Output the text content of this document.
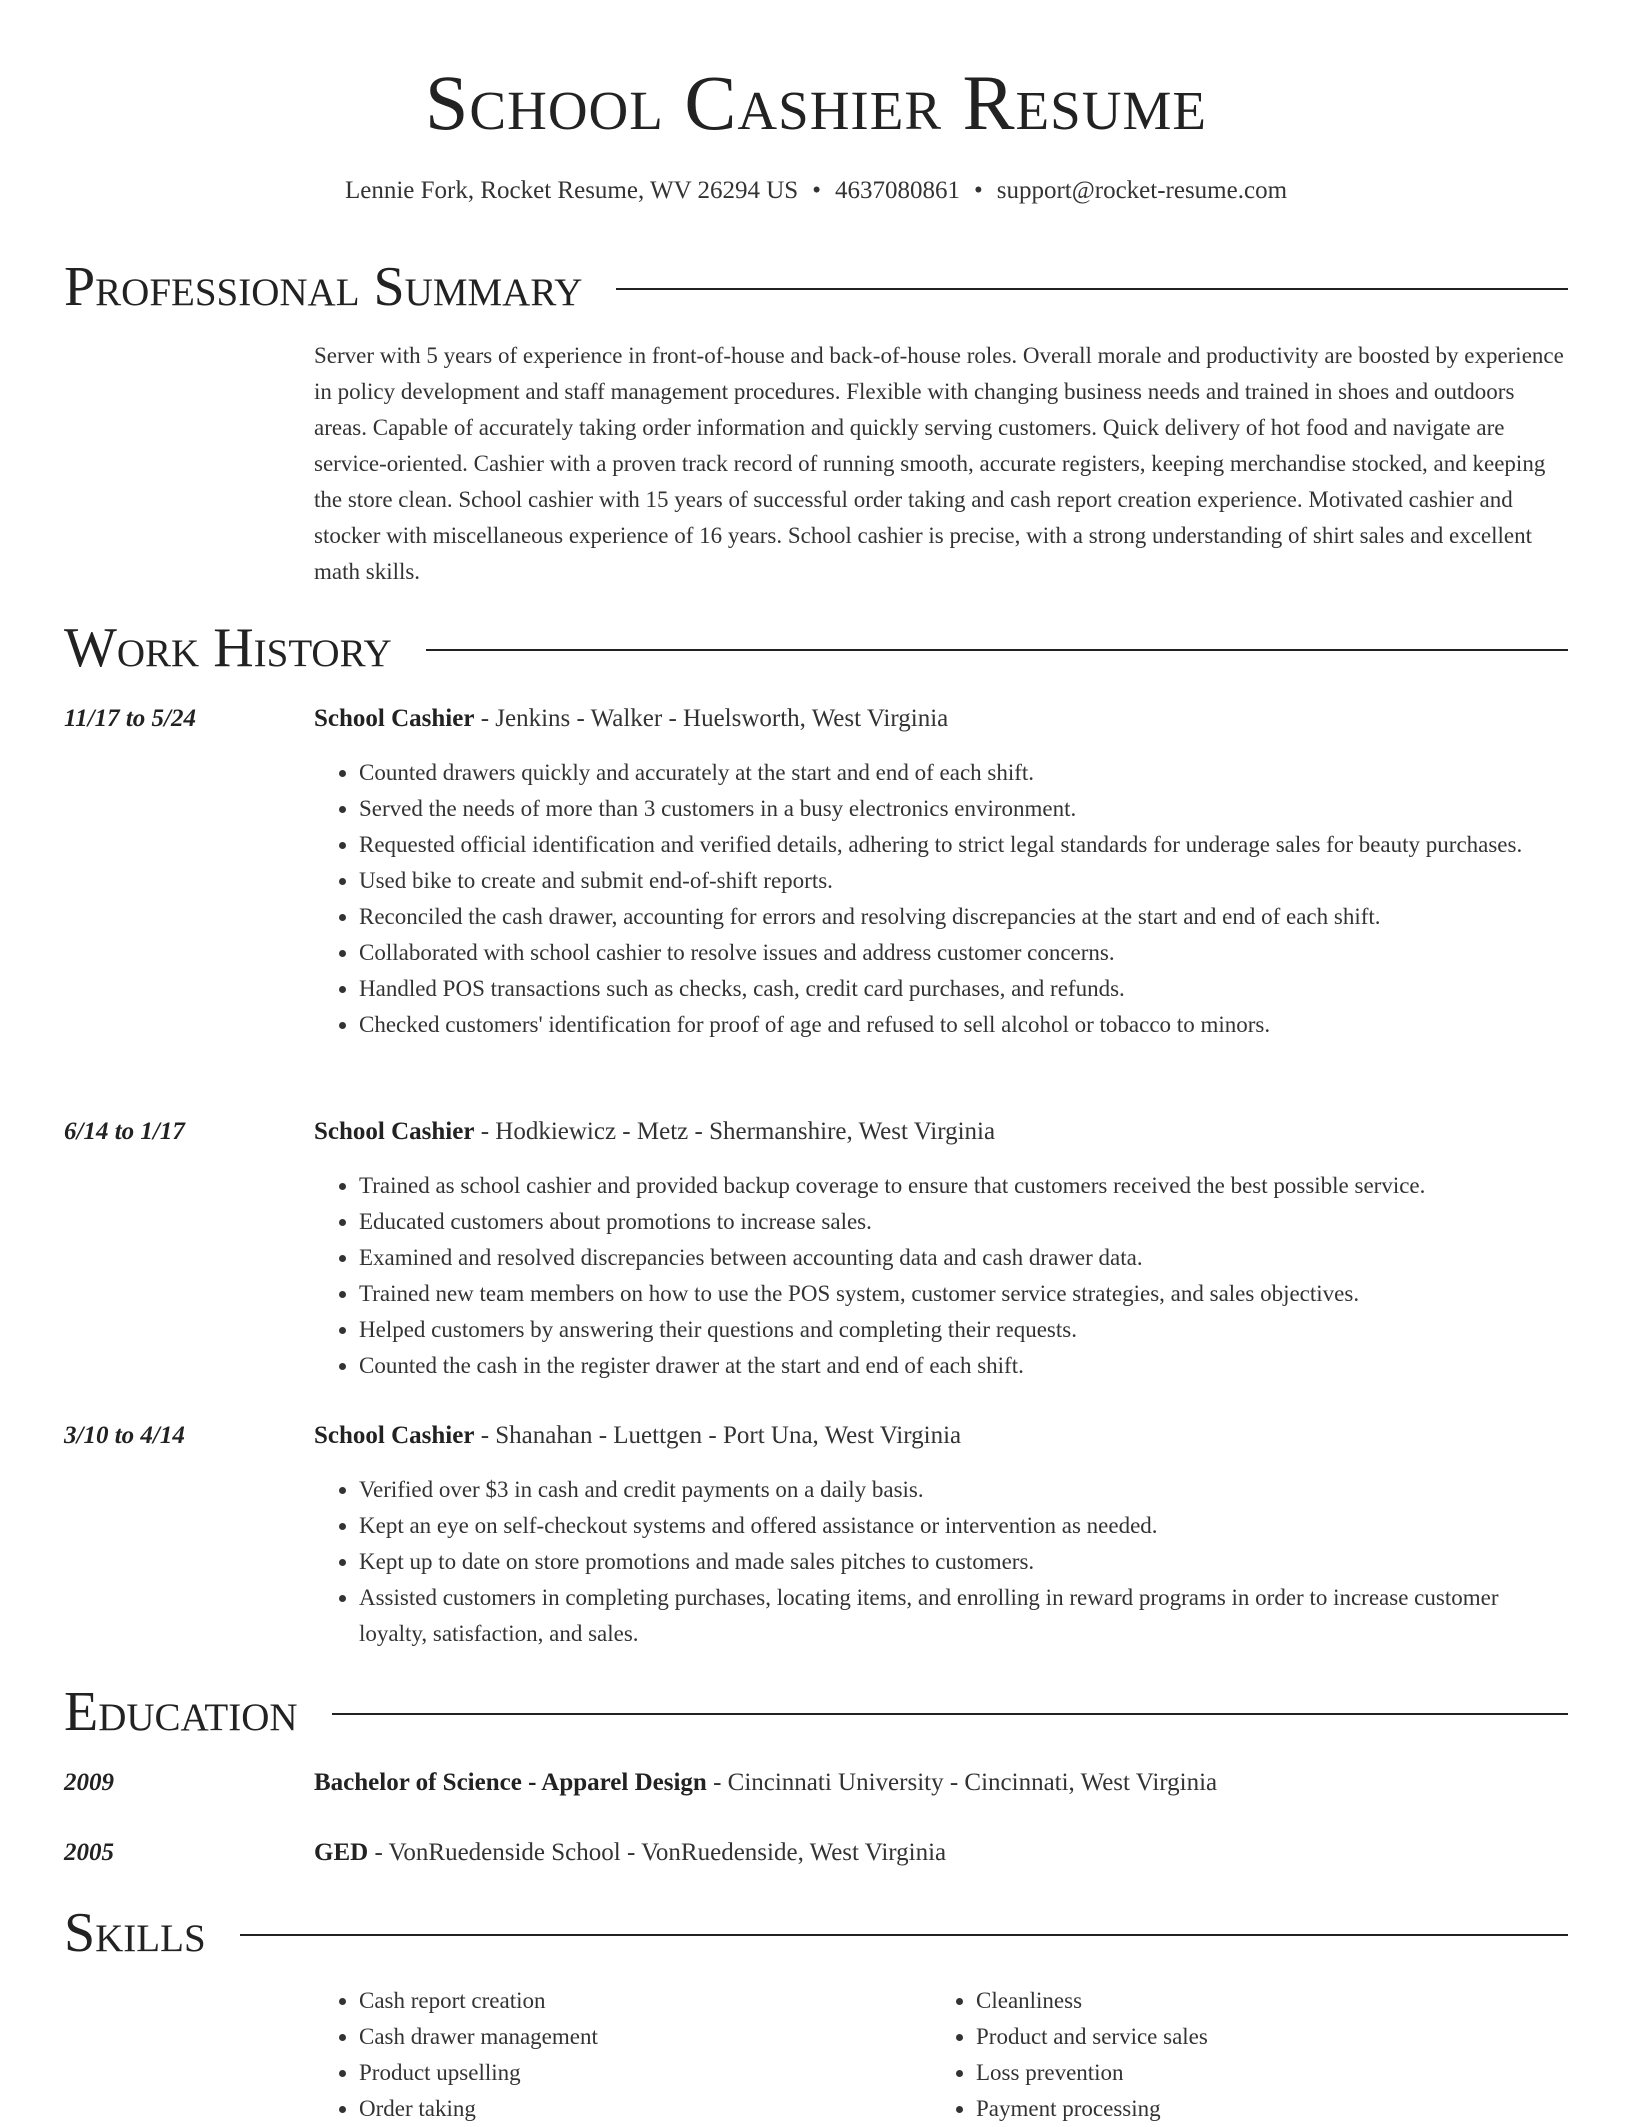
School Cashier Resume
Lennie Fork, Rocket Resume, WV 26294 US • 4637080861 • support@rocket-resume.com
Professional Summary
Server with 5 years of experience in front-of-house and back-of-house roles. Overall morale and productivity are boosted by experience in policy development and staff management procedures. Flexible with changing business needs and trained in shoes and outdoors areas. Capable of accurately taking order information and quickly serving customers. Quick delivery of hot food and navigate are service-oriented. Cashier with a proven track record of running smooth, accurate registers, keeping merchandise stocked, and keeping the store clean. School cashier with 15 years of successful order taking and cash report creation experience. Motivated cashier and stocker with miscellaneous experience of 16 years. School cashier is precise, with a strong understanding of shirt sales and excellent math skills.
Work History
11/17 to 5/24	School Cashier - Jenkins - Walker - Huelsworth, West Virginia
• Counted drawers quickly and accurately at the start and end of each shift.
• Served the needs of more than 3 customers in a busy electronics environment.
• Requested official identification and verified details, adhering to strict legal standards for underage sales for beauty purchases.
• Used bike to create and submit end-of-shift reports.
• Reconciled the cash drawer, accounting for errors and resolving discrepancies at the start and end of each shift.
• Collaborated with school cashier to resolve issues and address customer concerns.
• Handled POS transactions such as checks, cash, credit card purchases, and refunds.
• Checked customers' identification for proof of age and refused to sell alcohol or tobacco to minors.
6/14 to 1/17	School Cashier - Hodkiewicz - Metz - Shermanshire, West Virginia
• Trained as school cashier and provided backup coverage to ensure that customers received the best possible service.
• Educated customers about promotions to increase sales.
• Examined and resolved discrepancies between accounting data and cash drawer data.
• Trained new team members on how to use the POS system, customer service strategies, and sales objectives.
• Helped customers by answering their questions and completing their requests.
• Counted the cash in the register drawer at the start and end of each shift.
3/10 to 4/14	School Cashier - Shanahan - Luettgen - Port Una, West Virginia
• Verified over $3 in cash and credit payments on a daily basis.
• Kept an eye on self-checkout systems and offered assistance or intervention as needed.
• Kept up to date on store promotions and made sales pitches to customers.
• Assisted customers in completing purchases, locating items, and enrolling in reward programs in order to increase customer loyalty, satisfaction, and sales.
Education
2009	Bachelor of Science - Apparel Design - Cincinnati University - Cincinnati, West Virginia
2005	GED - VonRuedenside School - VonRuedenside, West Virginia
Skills
• Cash report creation
• Cash drawer management
• Product upselling
• Order taking
• Cleanliness
• Product and service sales
• Loss prevention
• Payment processing
